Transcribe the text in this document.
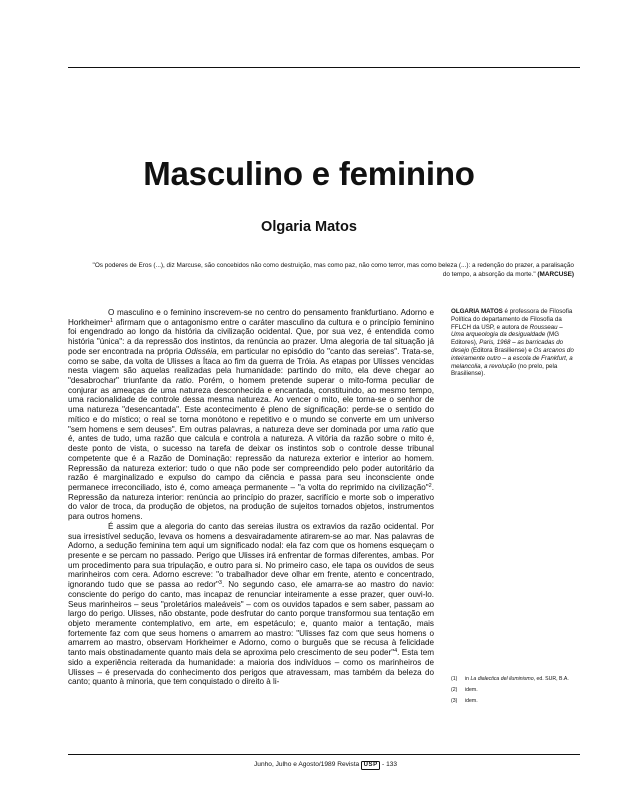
Masculino e feminino
Olgaria Matos
"Os poderes de Eros (...), diz Marcuse, são concebidos não como destruição, mas como paz, não como terror, mas como beleza (...): a redenção do prazer, a paralisação do tempo, a absorção da morte." (MARCUSE)

O masculino e o feminino inscrevem-se no centro do pensamento frankfurtiano. Adorno e Horkheimer$^1$ afirmam que o antagonismo entre o caráter masculino da cultura e o princípio feminino foi engendrado ao longo da história da civilização ocidental. Que, por sua vez, é entendida como história "única": a da repressão dos instintos, da renúncia ao prazer. Uma alegoria de tal situação já pode ser encontrada na própria Odisséia, em particular no episódio do "canto das sereias". Trata-se, como se sabe, da volta de Ulisses a Ítaca ao fim da guerra de Tróia. As etapas por Ulisses vencidas nesta viagem são aquelas realizadas pela humanidade: partindo do mito, ela deve chegar ao "desabrochar" triunfante da ratio. Porém, o homem pretende superar o mito-forma peculiar de conjurar as ameaças de uma natureza desconhecida e encantada, constituindo, ao mesmo tempo, uma racionalidade de controle dessa mesma natureza. Ao vencer o mito, ele torna-se o senhor de uma natureza "desencantada". Este acontecimento é pleno de significação: perde-se o sentido do mítico e do místico; o real se torna monótono e repetitivo e o mundo se converte em um universo "sem homens e sem deuses". Em outras palavras, a natureza deve ser dominada por uma ratio que é, antes de tudo, uma razão que calcula e controla a natureza. A vitória da razão sobre o mito é, deste ponto de vista, o sucesso na tarefa de deixar os instintos sob o controle desse tribunal competente que é a Razão de Dominação: repressão da natureza exterior e interior ao homem. Repressão da natureza exterior: tudo o que não pode ser compreendido pelo poder autoritário da razão é marginalizado e expulso do campo da ciência e passa para seu inconsciente onde permanece irreconciliado, isto é, como ameaça permanente – "a volta do reprimido na civilização"$^2$. Repressão da natureza interior: renúncia ao princípio do prazer, sacrifício e morte sob o imperativo do valor de troca, da produção de objetos, na produção de sujeitos tornados objetos, instrumentos para outros homens.

É assim que a alegoria do canto das sereias ilustra os extravios da razão ocidental. Por sua irresistível sedução, levava os homens a desvairadamente atirarem-se ao mar. Nas palavras de Adorno, a sedução feminina tem aqui um significado nodal: ela faz com que os homens esqueçam o presente e se percam no passado. Perigo que Ulisses irá enfrentar de formas diferentes, ambas. Por um procedimento para sua tripulação, e outro para si. No primeiro caso, ele tapa os ouvidos de seus marinheiros com cera. Adorno escreve: "o trabalhador deve olhar em frente, atento e concentrado, ignorando tudo que se passa ao redor"$^3$. No segundo caso, ele amarra-se ao mastro do navio: consciente do perigo do canto, mas incapaz de renunciar inteiramente a esse prazer, quer ouvi-lo. Seus marinheiros – seus "proletários maleáveis" – com os ouvidos tapados e sem saber, passam ao largo do perigo. Ulisses, não obstante, pode desfrutar do canto porque transformou sua tentação em objeto meramente contemplativo, em arte, em espetáculo; e, quanto maior a tentação, mais fortemente faz com que seus homens o amarrem ao mastro: "Ulisses faz com que seus homens o amarrem ao mastro, observam Horkheimer e Adorno, como o burguês que se recusa à felicidade tanto mais obstinadamente quanto mais dela se aproxima pelo crescimento de seu poder"$^4$. Esta tem sido a experiência reiterada da humanidade: a maioria dos indivíduos – como os marinheiros de Ulisses – é preservada do conhecimento dos perigos que atravessam, mas também da beleza do canto; quanto à minoria, que tem conquistado o direito à li-

OLGARIA MATOS é professora de Filosofia Política do departamento de Filosofia da FFLCH da USP, e autora de Rousseau – Uma arqueologia da desigualdade (MG Editores), Paris, 1968 – as barricadas do desejo (Editora Brasiliense) e Os arcanos do inteiramente outro – a escola de Frankfurt, a melancolia, a revolução (no prelo, pela Brasiliense).
(1)	in La dialectica del iluminismo, ed. SUR, B.A.
(2)	idem.
(3)	idem.
Junho, Julho e Agosto/1989 Revista USP - 133
